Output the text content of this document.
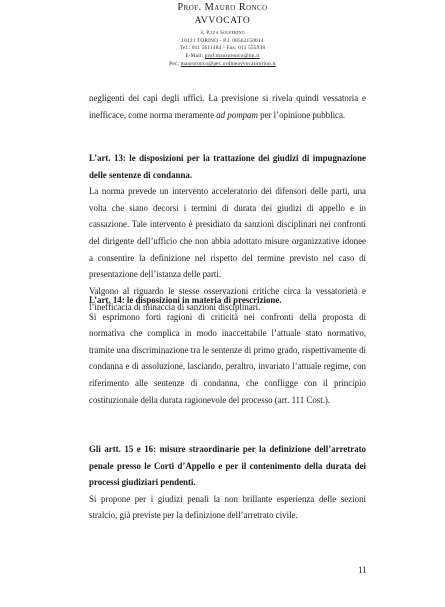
Prof. Mauro Ronco
AVVOCATO
3, P.zza Solferino
10121 TORINO - P.I. 08562150014
Tel.: 011 5611484 - Fax: 011 555938
E-Mail: prof.mauroronco@tin.it
Pec: mauroronco@pec.ordineavvocatitorino.it

negligenti dei capi degli uffici. La previsione si rivela quindi vessatoria e inefficace, come norma meramente ad pompam per l’opinione pubblica.

L’art. 13: le disposizioni per la trattazione dei giudizi di impugnazione delle sentenze di condanna.

La norma prevede un intervento acceleratorio dei difensori delle parti, una volta che siano decorsi i termini di durata dei giudizi di appello e in cassazione. Tale intervento è presidiato da sanzioni disciplinari nei confronti del dirigente dell’ufficio che non abbia adottato misure organizzative idonee a consentire la definizione nel rispetto del termine previsto nel caso di presentazione dell’istanza delle parti.

Valgono al riguardo le stesse osservazioni critiche circa la vessatorietà e l’inefficacia di minaccia di sanzioni disciplinari.

L’art. 14: le disposizioni in materia di prescrizione.

Si esprimono forti ragioni di criticità nei confronti della proposta di normativa che complica in modo inaccettabile l’attuale stato normativo, tramite una discriminazione tra le sentenze di primo grado, rispettivamente di condanna e di assoluzione, lasciando, peraltro, invariato l’attuale regime, con riferimento alle sentenze di condanna, che confligge con il principio costituzionale della durata ragionevole del processo (art. 111 Cost.).

Gli artt. 15 e 16: misure straordinarie per la definizione dell’arretrato penale presso le Corti d’Appello e per il contenimento della durata dei processi giudiziari pendenti.

Si propone per i giudizi penali la non brillante esperienza delle sezioni stralcio, già previste per la definizione dell’arretrato civile.

11
